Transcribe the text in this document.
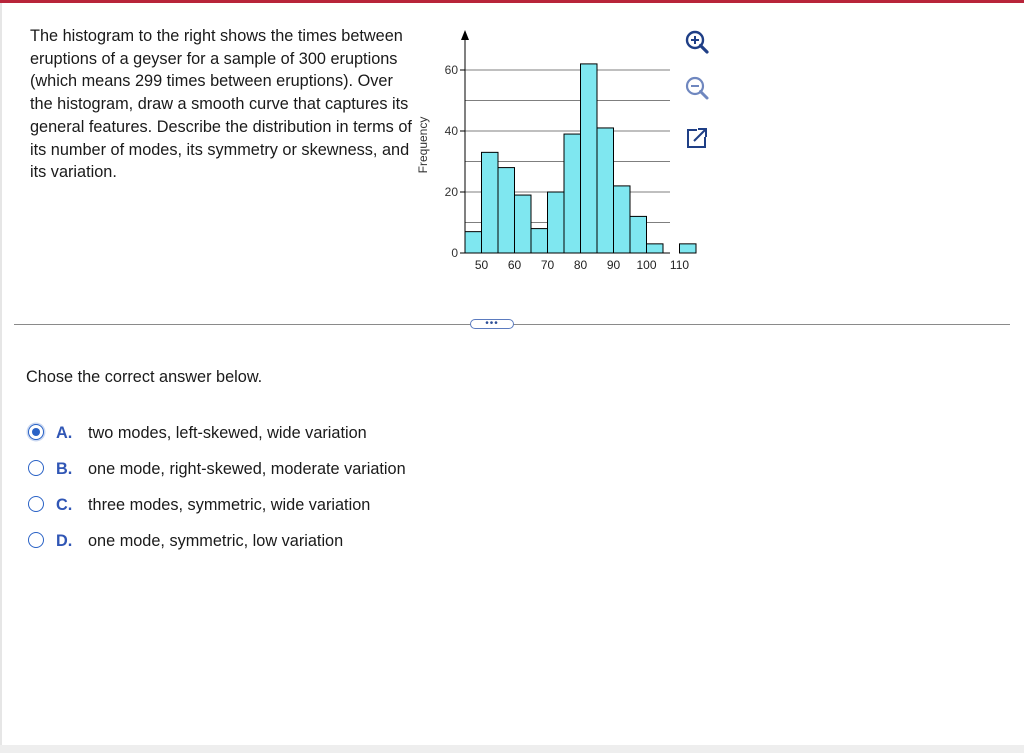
The histogram to the right shows the times between eruptions of a geyser for a sample of 300 eruptions (which means 299 times between eruptions). Over the histogram, draw a smooth curve that captures its general features. Describe the distribution in terms of its number of modes, its symmetry or skewness, and its variation.

0
20
40
60
50 60 70 80 90 100 110
Frequency
•••

Chose the correct answer below.

A. two modes, left-skewed, wide variation
B. one mode, right-skewed, moderate variation
C. three modes, symmetric, wide variation
D. one mode, symmetric, low variation
